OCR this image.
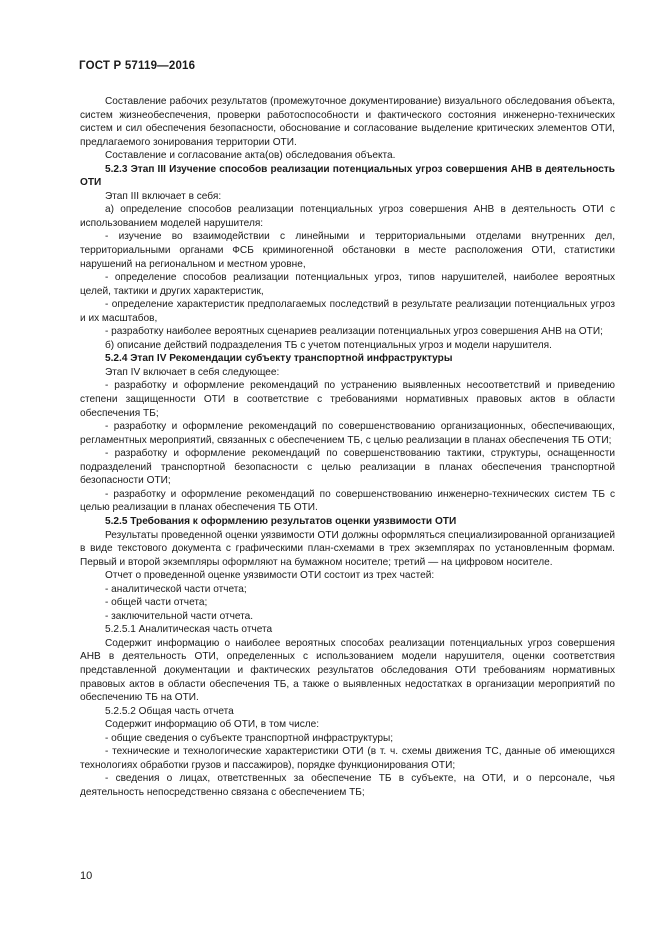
ГОСТ Р 57119—2016

Составление рабочих результатов (промежуточное документирование) визуального обследования объекта, систем жизнеобеспечения, проверки работоспособности и фактического состояния инженерно-технических систем и сил обеспечения безопасности, обоснование и согласование выделение критических элементов ОТИ, предлагаемого зонирования территории ОТИ.

Составление и согласование акта(ов) обследования объекта.

5.2.3 Этап III Изучение способов реализации потенциальных угроз совершения АНВ в деятельность ОТИ

Этап III включает в себя:

а) определение способов реализации потенциальных угроз совершения АНВ в деятельность ОТИ с использованием моделей нарушителя:

- изучение во взаимодействии с линейными и территориальными отделами внутренних дел, территориальными органами ФСБ криминогенной обстановки в месте расположения ОТИ, статистики нарушений на региональном и местном уровне,

- определение способов реализации потенциальных угроз, типов нарушителей, наиболее вероятных целей, тактики и других характеристик,

- определение характеристик предполагаемых последствий в результате реализации потенциальных угроз и их масштабов,

- разработку наиболее вероятных сценариев реализации потенциальных угроз совершения АНВ на ОТИ;

б) описание действий подразделения ТБ с учетом потенциальных угроз и модели нарушителя.

5.2.4 Этап IV Рекомендации субъекту транспортной инфраструктуры

Этап IV включает в себя следующее:

- разработку и оформление рекомендаций по устранению выявленных несоответствий и приведению степени защищенности ОТИ в соответствие с требованиями нормативных правовых актов в области обеспечения ТБ;

- разработку и оформление рекомендаций по совершенствованию организационных, обеспечивающих, регламентных мероприятий, связанных с обеспечением ТБ, с целью реализации в планах обеспечения ТБ ОТИ;

- разработку и оформление рекомендаций по совершенствованию тактики, структуры, оснащенности подразделений транспортной безопасности с целью реализации в планах обеспечения транспортной безопасности ОТИ;

- разработку и оформление рекомендаций по совершенствованию инженерно-технических систем ТБ с целью реализации в планах обеспечения ТБ ОТИ.

5.2.5 Требования к оформлению результатов оценки уязвимости ОТИ

Результаты проведенной оценки уязвимости ОТИ должны оформляться специализированной организацией в виде текстового документа с графическими план-схемами в трех экземплярах по установленным формам. Первый и второй экземпляры оформляют на бумажном носителе; третий — на цифровом носителе.

Отчет о проведенной оценке уязвимости ОТИ состоит из трех частей:

- аналитической части отчета;

- общей части отчета;

- заключительной части отчета.

5.2.5.1 Аналитическая часть отчета

Содержит информацию о наиболее вероятных способах реализации потенциальных угроз совершения АНВ в деятельность ОТИ, определенных с использованием модели нарушителя, оценки соответствия представленной документации и фактических результатов обследования ОТИ требованиям нормативных правовых актов в области обеспечения ТБ, а также о выявленных недостатках в организации мероприятий по обеспечению ТБ на ОТИ.

5.2.5.2 Общая часть отчета

Содержит информацию об ОТИ, в том числе:

- общие сведения о субъекте транспортной инфраструктуры;

- технические и технологические характеристики ОТИ (в т. ч. схемы движения ТС, данные об имеющихся технологиях обработки грузов и пассажиров), порядке функционирования ОТИ;

- сведения о лицах, ответственных за обеспечение ТБ в субъекте, на ОТИ, и о персонале, чья деятельность непосредственно связана с обеспечением ТБ;

10
